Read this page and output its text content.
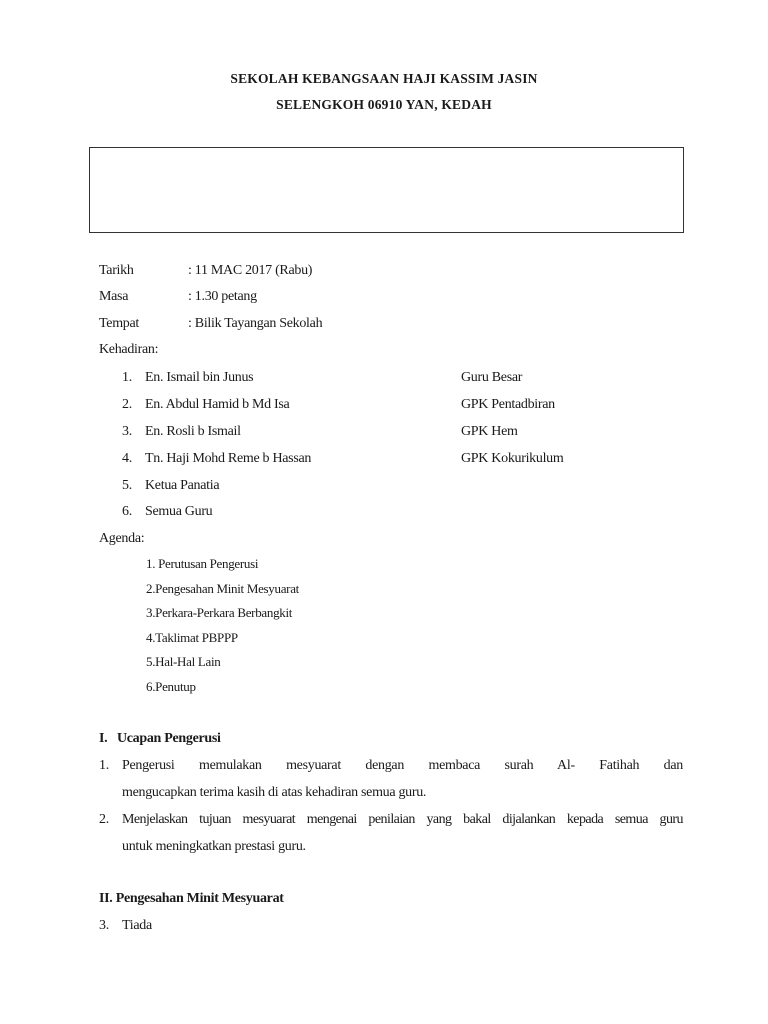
SEKOLAH KEBANGSAAN HAJI KASSIM JASIN
SELENGKOH 06910 YAN, KEDAH
Tarikh	: 11 MAC 2017 (Rabu)
Masa	: 1.30 petang
Tempat	: Bilik Tayangan Sekolah
Kehadiran:
1. En. Ismail bin Junus	Guru Besar
2. En. Abdul Hamid b Md Isa	GPK Pentadbiran
3. En. Rosli b Ismail	GPK Hem
4. Tn. Haji Mohd Reme b Hassan	GPK Kokurikulum
5. Ketua Panatia
6. Semua Guru
Agenda:
1. Perutusan Pengerusi
2.Pengesahan Minit Mesyuarat
3.Perkara-Perkara Berbangkit
4.Taklimat PBPPP
5.Hal-Hal Lain
6.Penutup
I.   Ucapan Pengerusi
1. Pengerusi memulakan mesyuarat dengan membaca surah Al- Fatihah dan
mengucapkan terima kasih di atas kehadiran semua guru.
2. Menjelaskan tujuan mesyuarat mengenai penilaian yang bakal dijalankan kepada semua guru
untuk meningkatkan prestasi guru.
II. Pengesahan Minit Mesyuarat
3. Tiada
